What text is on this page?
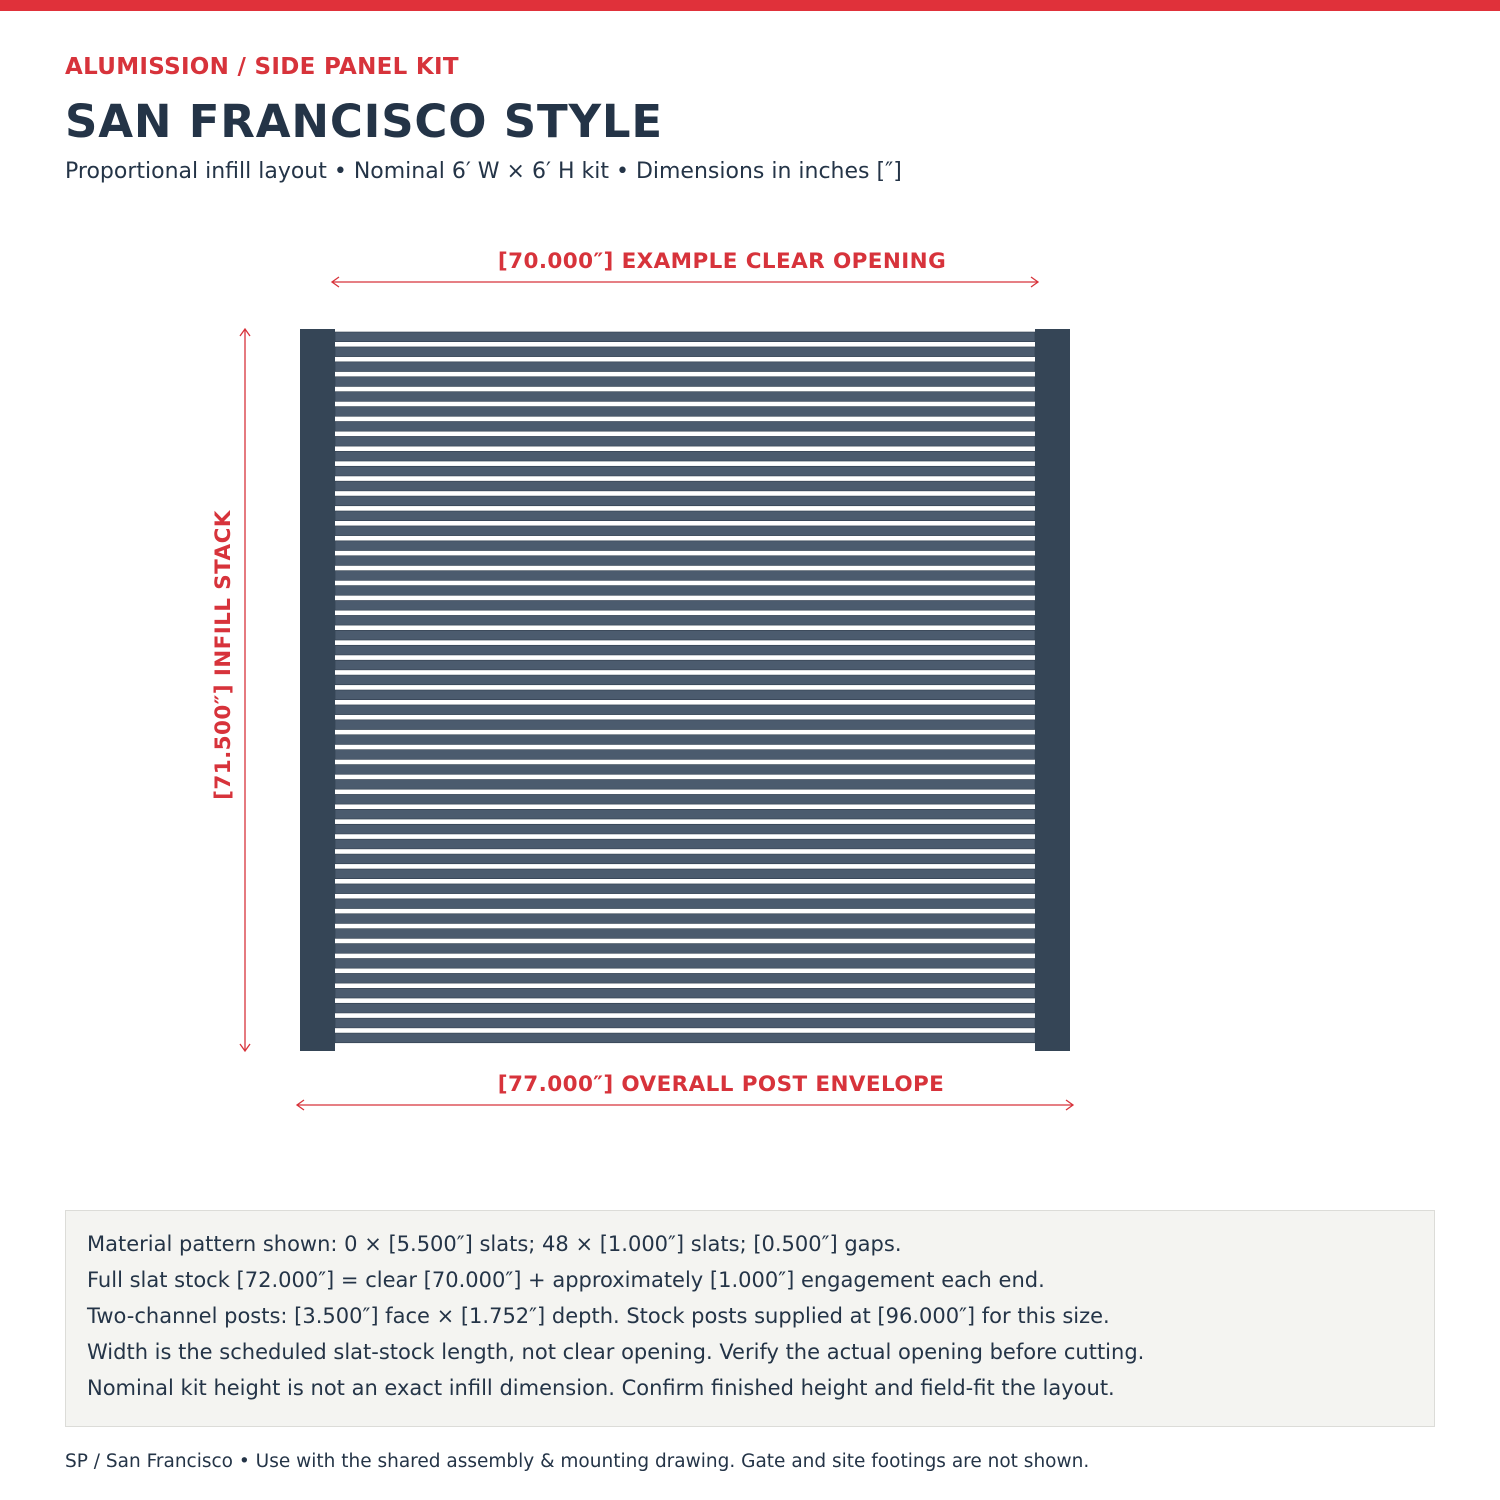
ALUMISSION / SIDE PANEL KIT
SAN FRANCISCO STYLE
Proportional infill layout • Nominal 6′ W × 6′ H kit • Dimensions in inches [″]
[70.000″] EXAMPLE CLEAR OPENING
[71.500″] INFILL STACK
[77.000″] OVERALL POST ENVELOPE
Material pattern shown: 0 × [5.500″] slats; 48 × [1.000″] slats; [0.500″] gaps.
Full slat stock [72.000″] = clear [70.000″] + approximately [1.000″] engagement each end.
Two-channel posts: [3.500″] face × [1.752″] depth. Stock posts supplied at [96.000″] for this size.
Width is the scheduled slat-stock length, not clear opening. Verify the actual opening before cutting.
Nominal kit height is not an exact infill dimension. Confirm finished height and field-fit the layout.
SP / San Francisco • Use with the shared assembly & mounting drawing. Gate and site footings are not shown.
